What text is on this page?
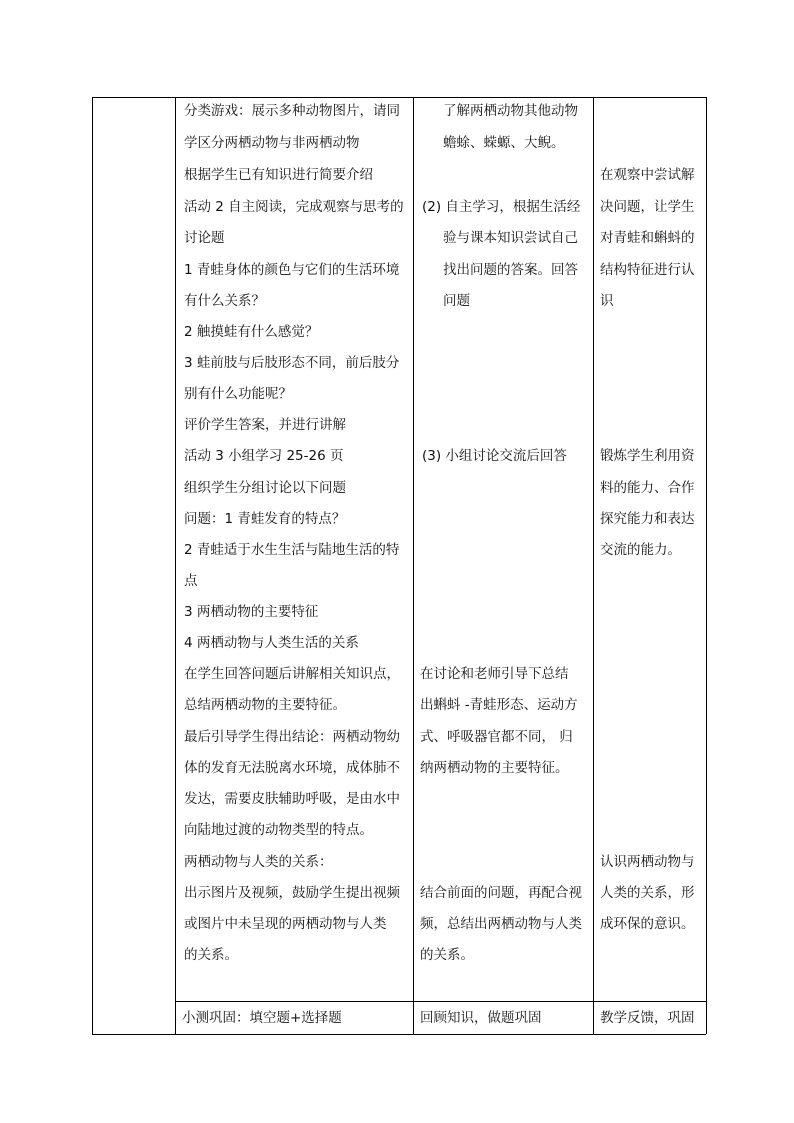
分类游戏：展示多种动物图片，请同
学区分两栖动物与非两栖动物
根据学生已有知识进行简要介绍
活动 2 自主阅读，完成观察与思考的
讨论题
1 青蛙身体的颜色与它们的生活环境
有什么关系？
2 触摸蛙有什么感觉？
3 蛙前肢与后肢形态不同，前后肢分
别有什么功能呢？
评价学生答案，并进行讲解
活动 3 小组学习 25-26 页
组织学生分组讨论以下问题
问题：1 青蛙发育的特点？
2 青蛙适于水生生活与陆地生活的特
点
3 两栖动物的主要特征
4 两栖动物与人类生活的关系
在学生回答问题后讲解相关知识点，
总结两栖动物的主要特征。
最后引导学生得出结论：两栖动物幼
体的发育无法脱离水环境，成体肺不
发达，需要皮肤辅助呼吸，是由水中
向陆地过渡的动物类型的特点。
两栖动物与人类的关系：
出示图片及视频，鼓励学生提出视频
或图片中未呈现的两栖动物与人类
的关系。
了解两栖动物其他动物
蟾蜍、蝾螈、大鲵。
(2) 自主学习，根据生活经
验与课本知识尝试自己
找出问题的答案。回答
问题
(3) 小组讨论交流后回答
在讨论和老师引导下总结
出蝌蚪 -青蛙形态、运动方
式、呼吸器官都不同， 归
纳两栖动物的主要特征。
结合前面的问题，再配合视
频，总结出两栖动物与人类
的关系。
在观察中尝试解
决问题，让学生
对青蛙和蝌蚪的
结构特征进行认
识
锻炼学生利用资
料的能力、合作
探究能力和表达
交流的能力。
认识两栖动物与
人类的关系，形
成环保的意识。
小测巩固：填空题+选择题	回顾知识，做题巩固	教学反馈，巩固
